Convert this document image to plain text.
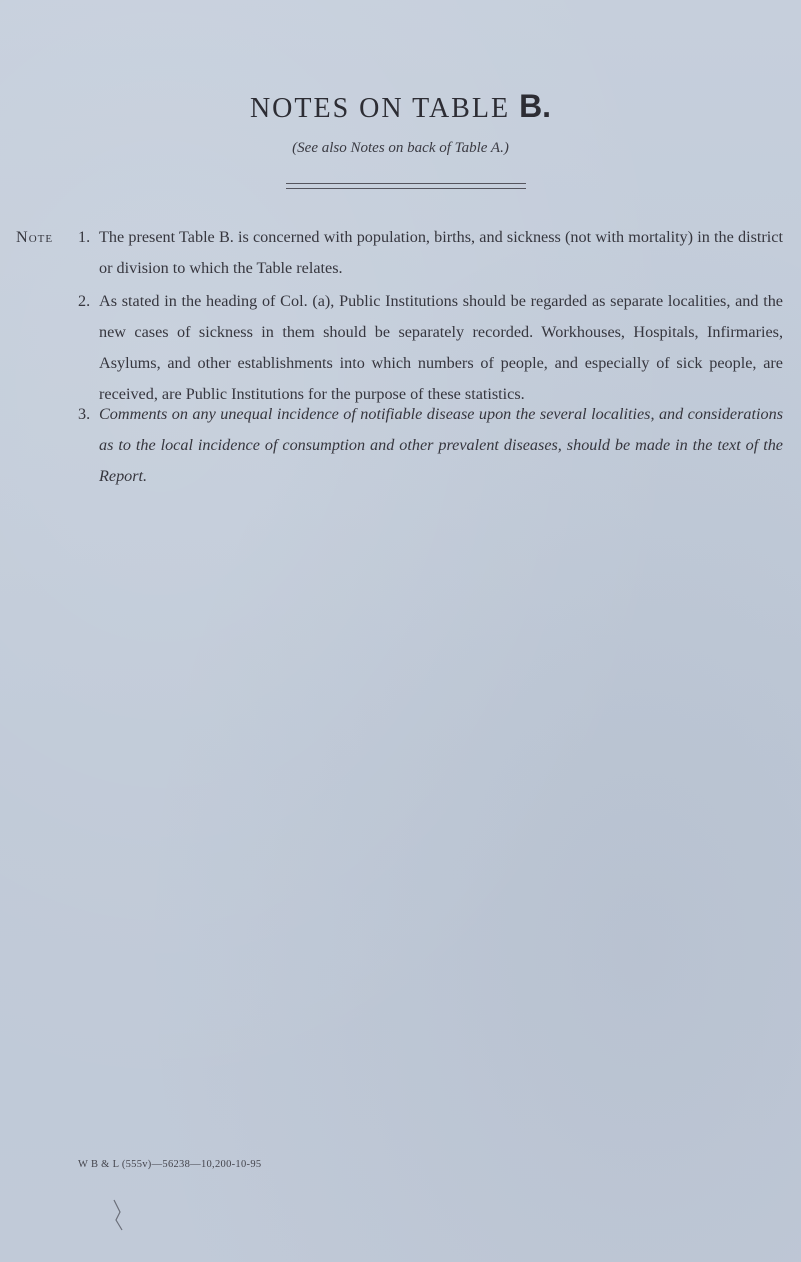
NOTES ON TABLE B.
(See also Notes on back of Table A.)
Note 1. The present Table B. is concerned with population, births, and sickness (not with mortality) in the district or division to which the Table relates.
2. As stated in the heading of Col. (a), Public Institutions should be regarded as separate localities, and the new cases of sickness in them should be separately recorded. Workhouses, Hospitals, Infirmaries, Asylums, and other establishments into which numbers of people, and especially of sick people, are received, are Public Institutions for the purpose of these statistics.
3. Comments on any unequal incidence of notifiable disease upon the several localities, and considerations as to the local incidence of consumption and other prevalent diseases, should be made in the text of the Report.
W B & L (555v)—56238—10,200-10-95
